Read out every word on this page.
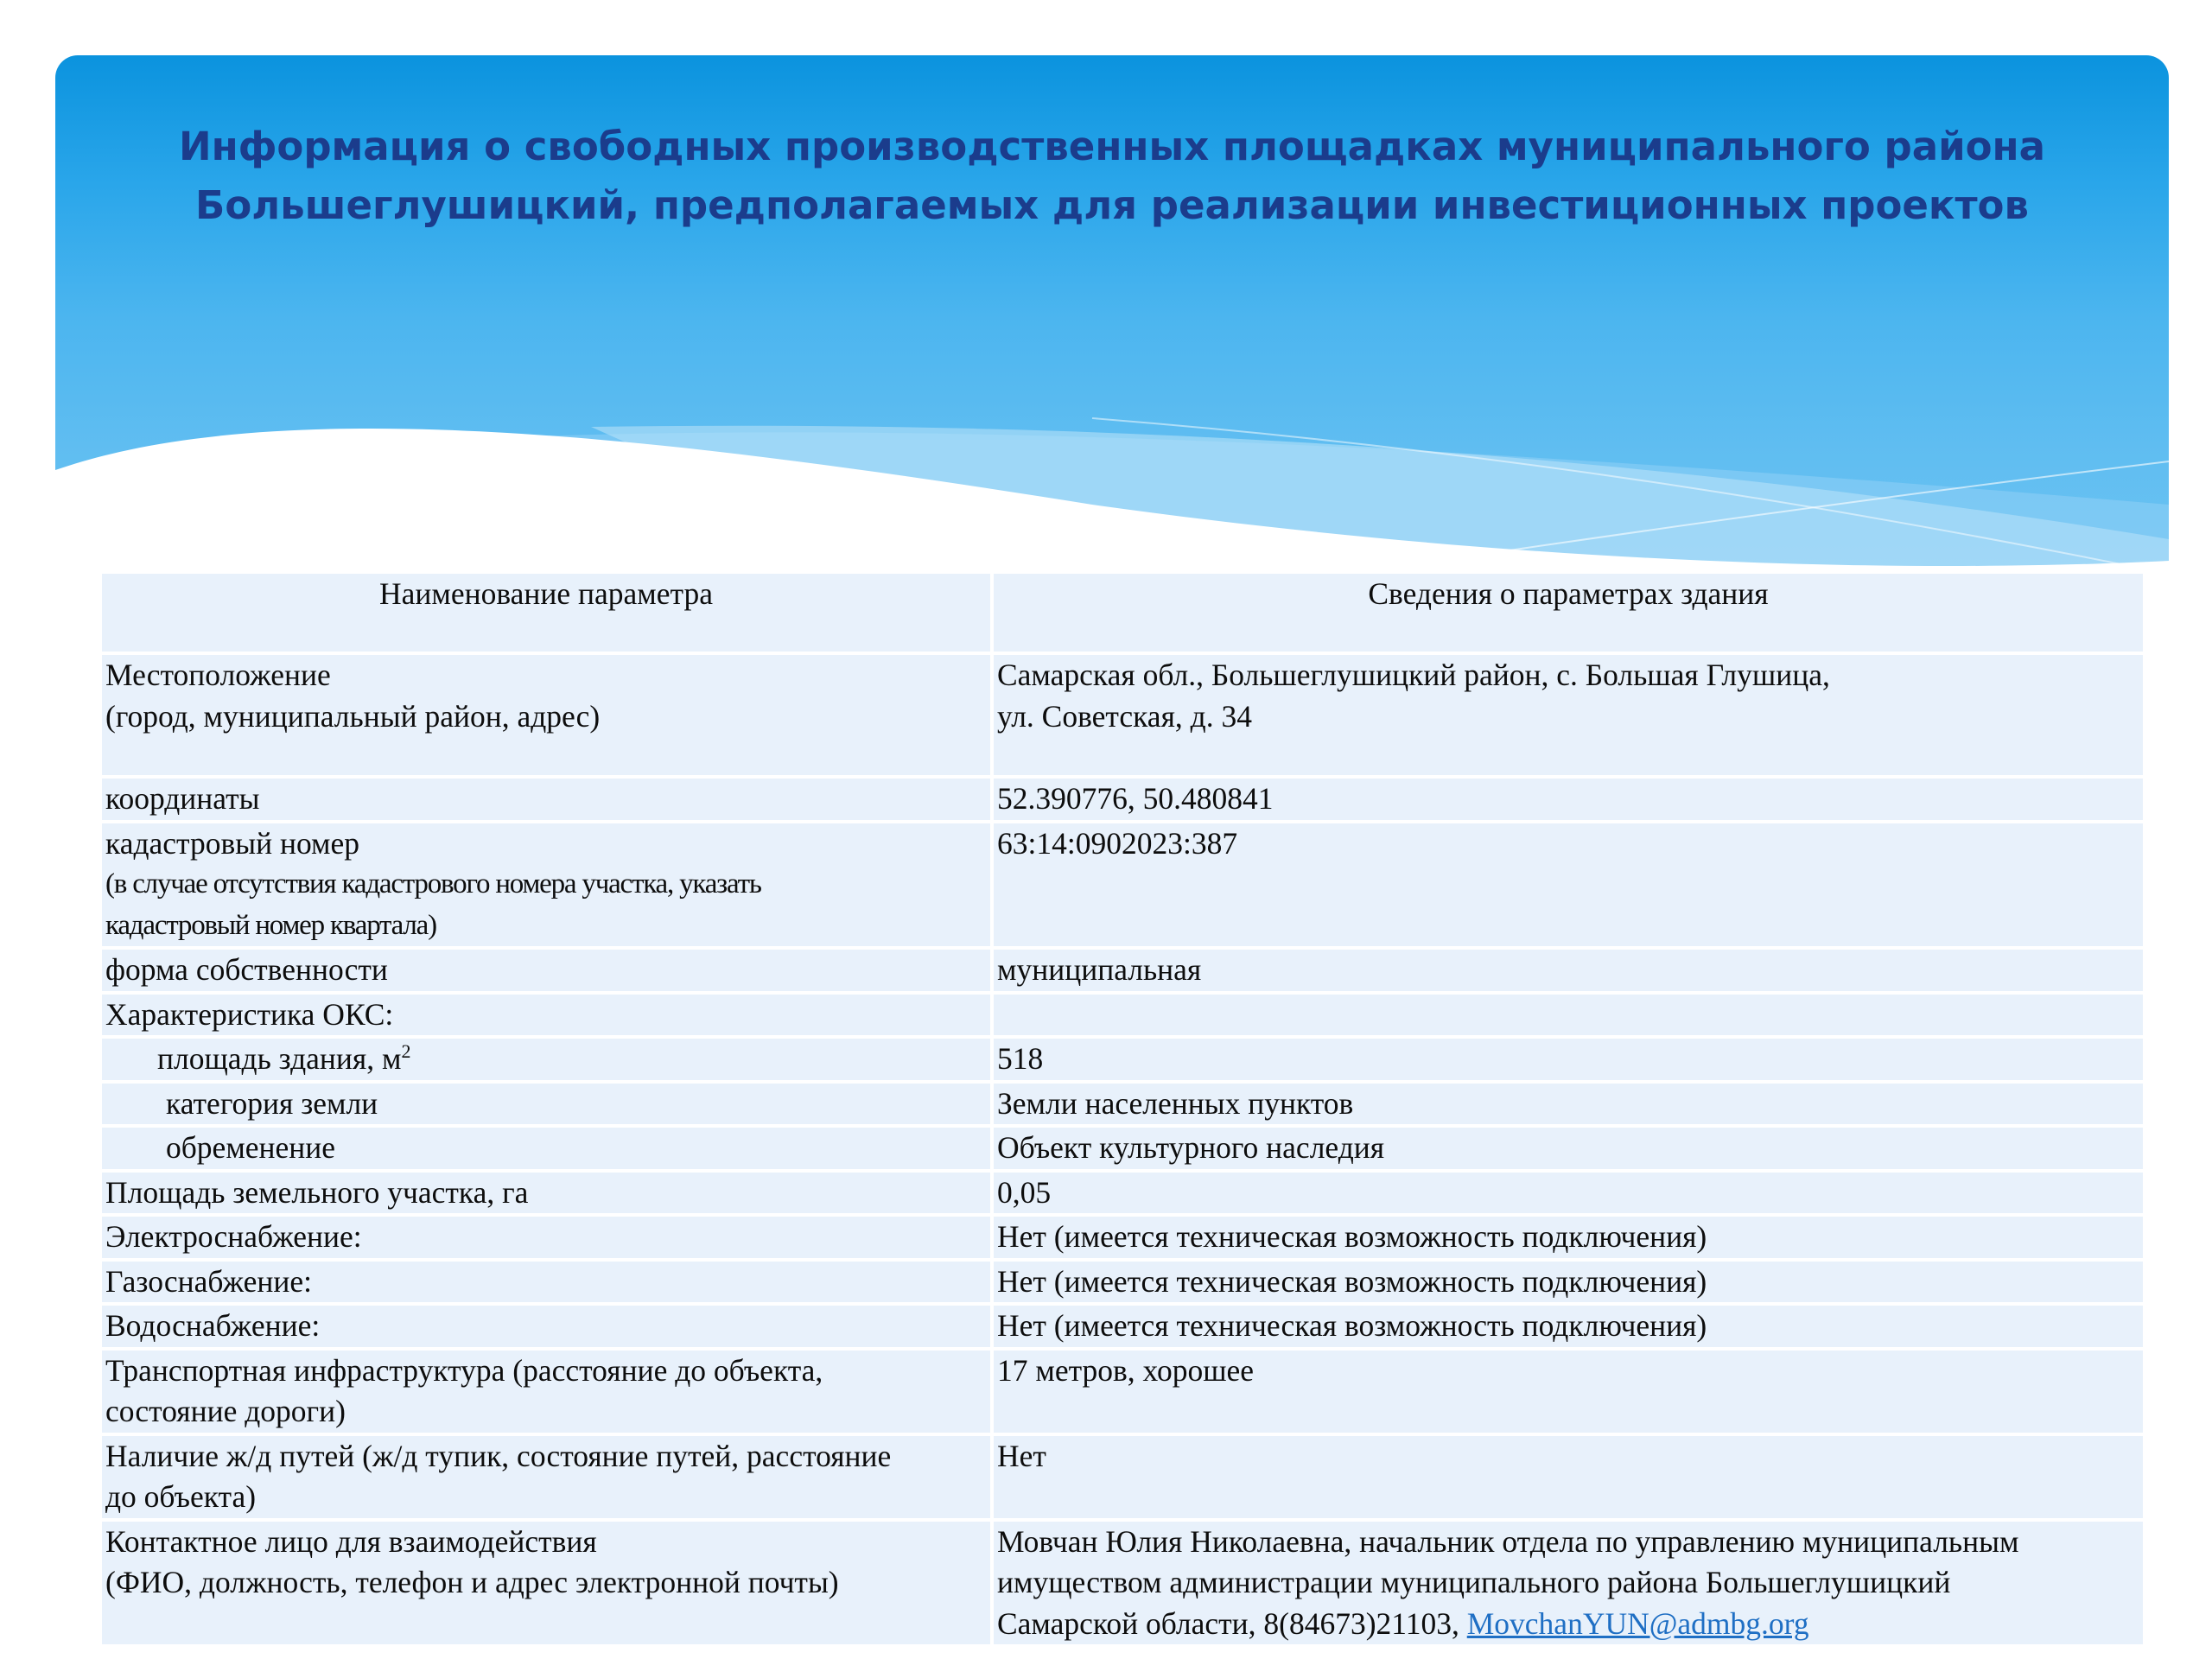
Информация о свободных производственных площадках муниципального района
Большеглушицкий, предполагаемых для реализации инвестиционных проектов
Наименование параметра	Сведения о параметрах здания

Местоположение
(город, муниципальный район, адрес)	Самарская обл., Большеглушицкий район, с. Большая Глушица,
ул. Советская, д. 34

координаты	52.390776, 50.480841

кадастровый номер
(в случае отсутствия кадастрового номера участка, указать
кадастровый номер квартала)	63:14:0902023:387
форма собственности	муниципальная
Характеристика ОКС:	
площадь здания, $м^2$	518
категория земли	Земли населенных пунктов
обременение	Объект культурного наследия
Площадь земельного участка, га	0,05
Электроснабжение:	Нет (имеется техническая возможность подключения)
Газоснабжение:	Нет (имеется техническая возможность подключения)
Водоснабжение:	Нет (имеется техническая возможность подключения)

Транспортная инфраструктура (расстояние до объекта,
состояние дороги)	17 метров, хорошее

Наличие ж/д путей (ж/д тупик, состояние путей, расстояние
до объекта)	Нет

Контактное лицо для взаимодействия
(ФИО, должность, телефон и адрес электронной почты)	Мовчан Юлия Николаевна, начальник отдела по управлению муниципальным
имуществом администрации муниципального района Большеглушицкий
Самарской области, 8(84673)21103, MovchanYUN@admbg.org
